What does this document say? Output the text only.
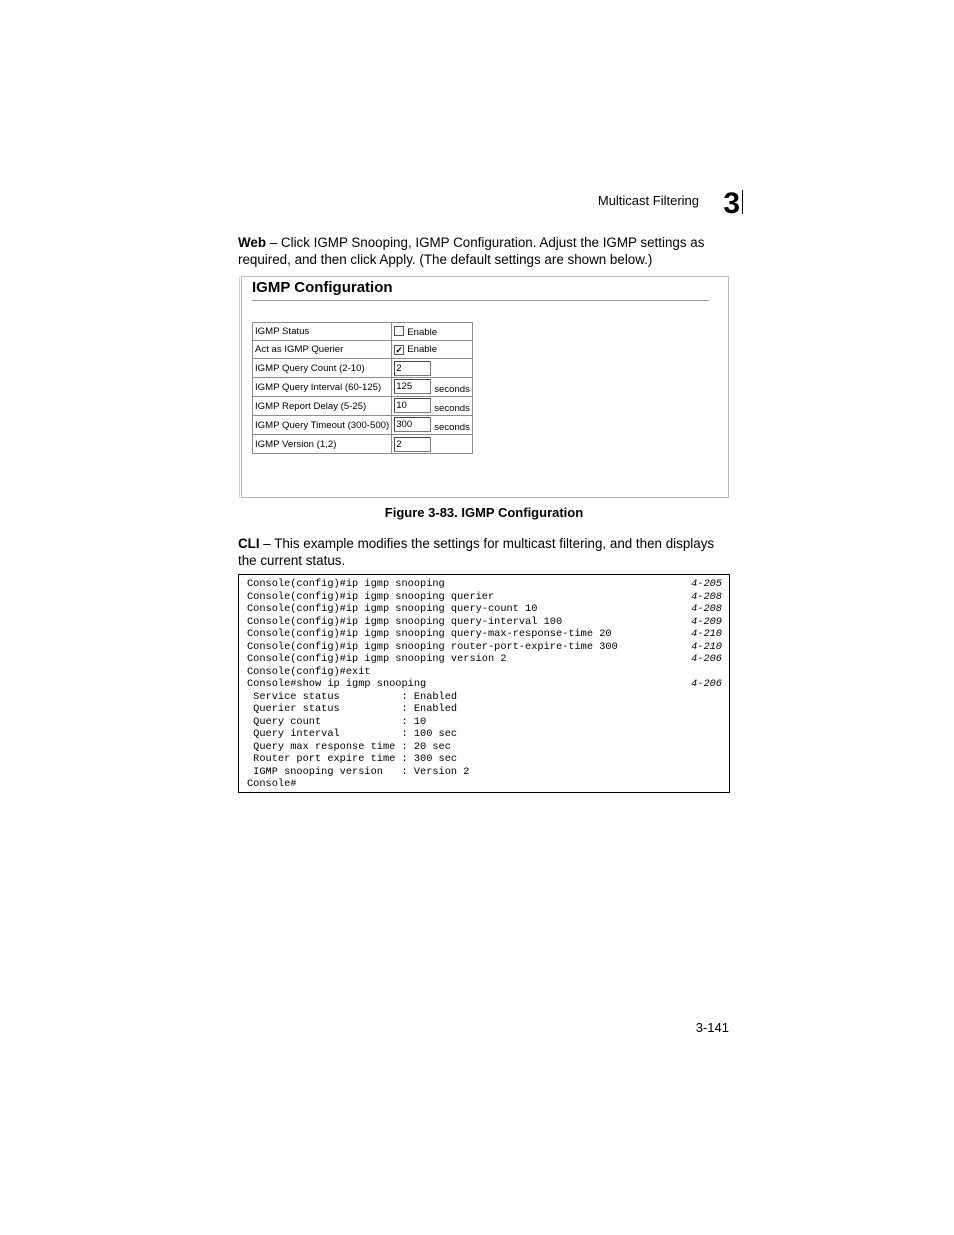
Multicast Filtering 3
Web – Click IGMP Snooping, IGMP Configuration. Adjust the IGMP settings as required, and then click Apply. (The default settings are shown below.)
IGMP Configuration
IGMP Status	Enable
Act as IGMP Querier	✓Enable
IGMP Query Count (2-10)	2
IGMP Query Interval (60-125)	125 seconds
IGMP Report Delay (5-25)	10 seconds
IGMP Query Timeout (300-500)	300 seconds
IGMP Version (1,2)	2
Figure 3-83. IGMP Configuration
CLI – This example modifies the settings for multicast filtering, and then displays the current status.
Console(config)#ip igmp snooping	4-205
Console(config)#ip igmp snooping querier	4-208
Console(config)#ip igmp snooping query-count 10	4-208
Console(config)#ip igmp snooping query-interval 100	4-209
Console(config)#ip igmp snooping query-max-response-time 20	4-210
Console(config)#ip igmp snooping router-port-expire-time 300	4-210
Console(config)#ip igmp snooping version 2	4-206
Console(config)#exit
Console#show ip igmp snooping	4-206
Service status          : Enabled
Querier status          : Enabled
Query count             : 10
Query interval          : 100 sec
Query max response time : 20 sec
Router port expire time : 300 sec
IGMP snooping version   : Version 2
Console#
3-141
